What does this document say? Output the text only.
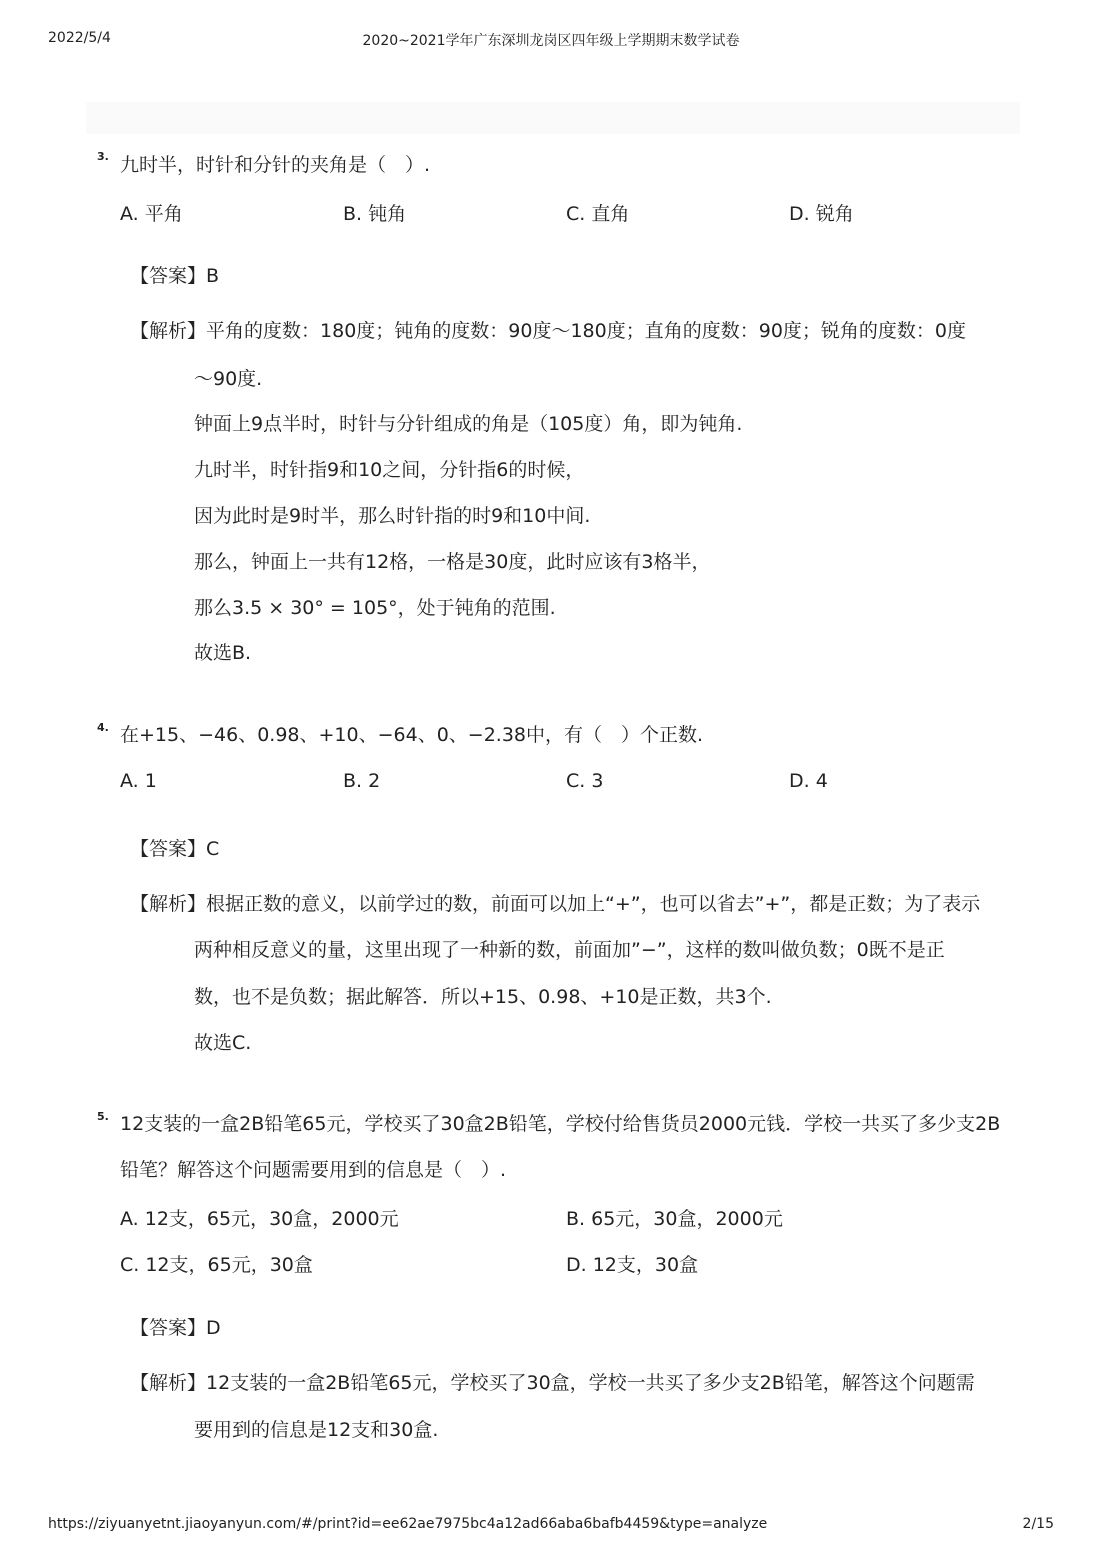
2022/5/4	2020~2021学年广东深圳龙岗区四年级上学期期末数学试卷
3. 九时半，时针和分针的夹角是（　）.
A. 平角	B. 钝角	C. 直角	D. 锐角
【答案】B
【解析】平角的度数：180度；钝角的度数：90度～180度；直角的度数：90度；锐角的度数：0度
～90度.
钟面上9点半时，时针与分针组成的角是（105度）角，即为钝角.
九时半，时针指9和10之间，分针指6的时候，
因为此时是9时半，那么时针指的时9和10中间.
那么，钟面上一共有12格，一格是30度，此时应该有3格半，
那么3.5 × 30° = 105°，处于钝角的范围.
故选B.
4. 在+15、−46、0.98、+10、−64、0、−2.38中，有（　）个正数.
A. 1	B. 2	C. 3	D. 4
【答案】C
【解析】根据正数的意义，以前学过的数，前面可以加上“+”，也可以省去”+”，都是正数；为了表示
两种相反意义的量，这里出现了一种新的数，前面加”−”，这样的数叫做负数；0既不是正
数，也不是负数；据此解答．所以+15、0.98、+10是正数，共3个.
故选C.
5. 12支装的一盒2B铅笔65元，学校买了30盒2B铅笔，学校付给售货员2000元钱．学校一共买了多少支2B
铅笔？解答这个问题需要用到的信息是（　）.
A. 12支，65元，30盒，2000元	B. 65元，30盒，2000元
C. 12支，65元，30盒	D. 12支，30盒
【答案】D
【解析】12支装的一盒2B铅笔65元，学校买了30盒，学校一共买了多少支2B铅笔，解答这个问题需
要用到的信息是12支和30盒.
https://ziyuanyetnt.jiaoyanyun.com/#/print?id=ee62ae7975bc4a12ad66aba6bafb4459&type=analyze	2/15
